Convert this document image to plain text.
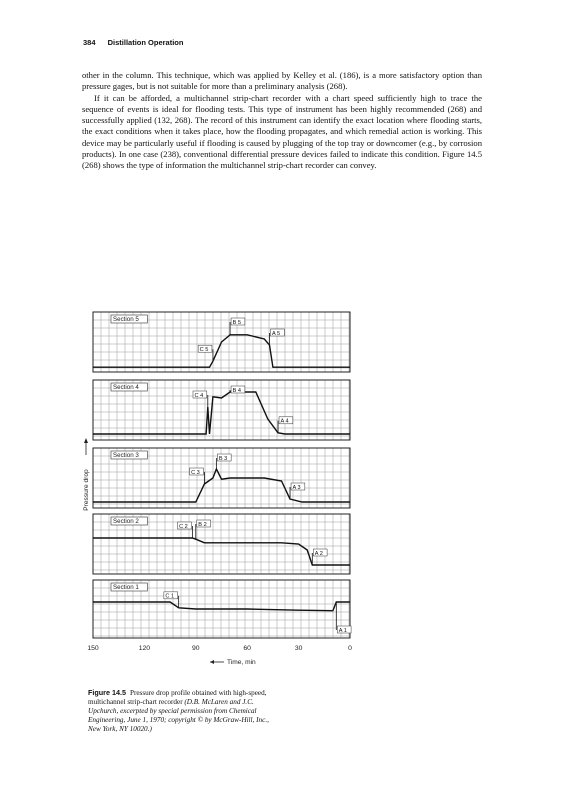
384 Distillation Operation

other in the column. This technique, which was applied by Kelley et al. (186), is a more satisfactory option than pressure gages, but is not suitable for more than a preliminary analysis (268).

If it can be afforded, a multichannel strip-chart recorder with a chart speed sufficiently high to trace the sequence of events is ideal for flooding tests. This type of instrument has been highly recommended (268) and successfully applied (132, 268). The record of this instrument can identify the exact location where flooding starts, the exact conditions when it takes place, how the flooding propagates, and which remedial action is working. This device may be particularly useful if flooding is caused by plugging of the top tray or downcomer (e.g., by corrosion products). In one case (238), conventional differential pressure devices failed to indicate this condition. Figure 14.5 (268) shows the type of information the multichannel strip-chart recorder can convey.

Section 5	B 5
C 5
A 5
Section 4	B 4
C 4
A 4
Section 3	B 3
C 3
A 3
Section 2	B 2
C 2
A 2
Section 1
C 1
A 1
150	120	90	60	30	0
Time, min
Pressure drop
Figure 14.5 Pressure drop profile obtained with high-speed, multichannel strip-chart recorder (D.B. McLaren and J.C. Upchurch, excerpted by special permission from Chemical Engineering, June 1, 1970; copyright © by McGraw-Hill, Inc., New York, NY 10020.)
